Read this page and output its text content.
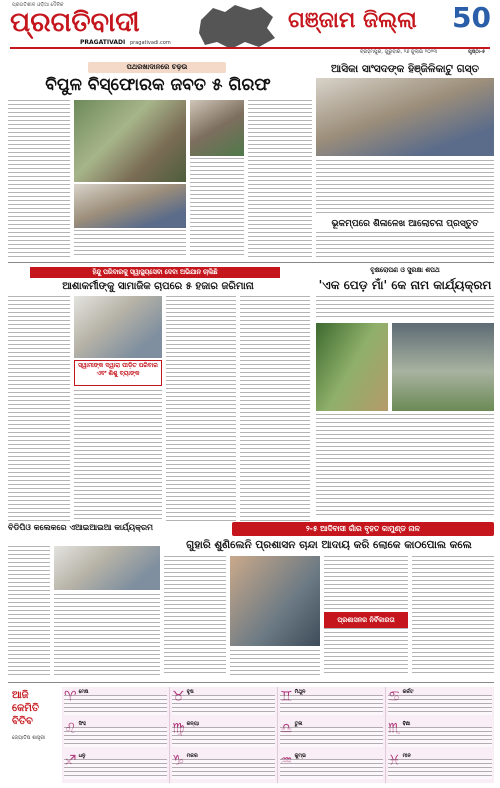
ପ୍ରଗତିଶୀଳ ଓଡ଼ିଆ ଦୈନିକ
ପ୍ରଗତିବାଦୀ
PRAGATIVADI pragativadi.com
ଗଞ୍ଜାମ ଜିଲ୍ଲା 50
ବ୍ରହ୍ମପୁର, ଗୁରୁବାର, ୨୬ ଜୁଲାଇ ୨୦୨୩	ପୃଷ୍ଠା-୫
ପଥରଖାଦାନରେ ଚଢ଼ଉ
ବିପୁଳ ବିସ୍ଫୋରକ ଜବତ ୫ ଗିରଫ
ଆସିକା ସାଂସଦଙ୍କ ହିଞ୍ଜିଳିକାଟୁ ଗସ୍ତ
ଭୂକମ୍ପରେ ଶିଳାଳେଖ ଆଲୋଚନା ପ୍ରସ୍ତୁତ
ହିନ୍ଦୁ ପରିବାରକୁ ସ୍ୱାସ୍ଥ୍ୟସେବା ଦେବା ଅଭିଯାନ ଚାଲିଛି
ଆଶାକର୍ମୀଙ୍କୁ ସାମାଜିକ ଚାପରେ ୫ ହଜାର ଜରିମାନା
ସ୍ୱାମୀଙ୍କ ଦ୍ୱାରା ପୀଡ଼ିତ ପରିବାର ଏବଂ ଶିଶୁ ବ୍ୟାଙ୍କ
ବୃକ୍ଷରୋପଣ ଓ ସୁରକ୍ଷା ଶପଥ
'ଏକ ପେଡ଼ ମାଁ' କେ ନାମ କାର୍ଯ୍ୟକ୍ରମ
୨-୫ ଆଦିବାସୀ ଗାଁର ବୃହତ କାମୁଣ୍ଡ ନାଳ
ଗୁହାରି ଶୁଣିଲେନି ପ୍ରଶାସନ ଚାନ୍ଦା ଆଦାୟ କରି ଲୋକେ କାଠପୋଲ କଲେ
ପ୍ରଶାସନର ନିର୍ବିକାରତା
ବିଡିପିଓ କଲେକରେ ଏଆଇଆଇଆ କାର୍ଯ୍ୟକ୍ରମ
ଆଜି କେମିତି ବିତିବ
ଜ୍ୟୋତିଷ ଶାସ୍ତ୍ରୀ
ମେଷ	ବୃଷ	ମିଥୁନ	କର୍କଟ
ସିଂହ	କନ୍ୟା	ତୁଳା	ବିଛା
ଧନୁ	ମକର	କୁମ୍ଭ	ମୀନ
